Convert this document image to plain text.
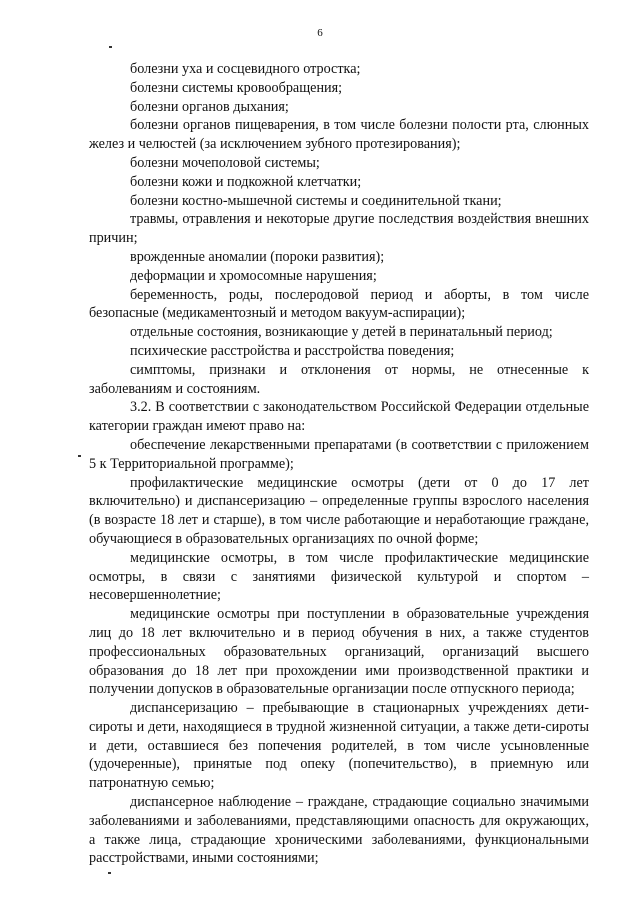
6

болезни уха и сосцевидного отростка;

болезни системы кровообращения;

болезни органов дыхания;

болезни органов пищеварения, в том числе болезни полости рта, слюнных желез и челюстей (за исключением зубного протезирования);

болезни мочеполовой системы;

болезни кожи и подкожной клетчатки;

болезни костно-мышечной системы и соединительной ткани;

травмы, отравления и некоторые другие последствия воздействия внешних причин;

врожденные аномалии (пороки развития);

деформации и хромосомные нарушения;

беременность, роды, послеродовой период и аборты, в том числе безопасные (медикаментозный и методом вакуум-аспирации);

отдельные состояния, возникающие у детей в перинатальный период;

психические расстройства и расстройства поведения;

симптомы, признаки и отклонения от нормы, не отнесенные к заболеваниям и состояниям.

3.2. В соответствии с законодательством Российской Федерации отдельные категории граждан имеют право на:

обеспечение лекарственными препаратами (в соответствии с приложением 5 к Территориальной программе);

профилактические медицинские осмотры (дети от 0 до 17 лет включительно) и диспансеризацию – определенные группы взрослого населения (в возрасте 18 лет и старше), в том числе работающие и неработающие граждане, обучающиеся в образовательных организациях по очной форме;

медицинские осмотры, в том числе профилактические медицинские осмотры, в связи с занятиями физической культурой и спортом – несовершеннолетние;

медицинские осмотры при поступлении в образовательные учреждения лиц до 18 лет включительно и в период обучения в них, а также студентов профессиональных образовательных организаций, организаций высшего образования до 18 лет при прохождении ими производственной практики и получении допусков в образовательные организации после отпускного периода;

диспансеризацию – пребывающие в стационарных учреждениях дети-сироты и дети, находящиеся в трудной жизненной ситуации, а также дети-сироты и дети, оставшиеся без попечения родителей, в том числе усыновленные (удочеренные), принятые под опеку (попечительство), в приемную или патронатную семью;

диспансерное наблюдение – граждане, страдающие социально значимыми заболеваниями и заболеваниями, представляющими опасность для окружающих, а также лица, страдающие хроническими заболеваниями, функциональными расстройствами, иными состояниями;
